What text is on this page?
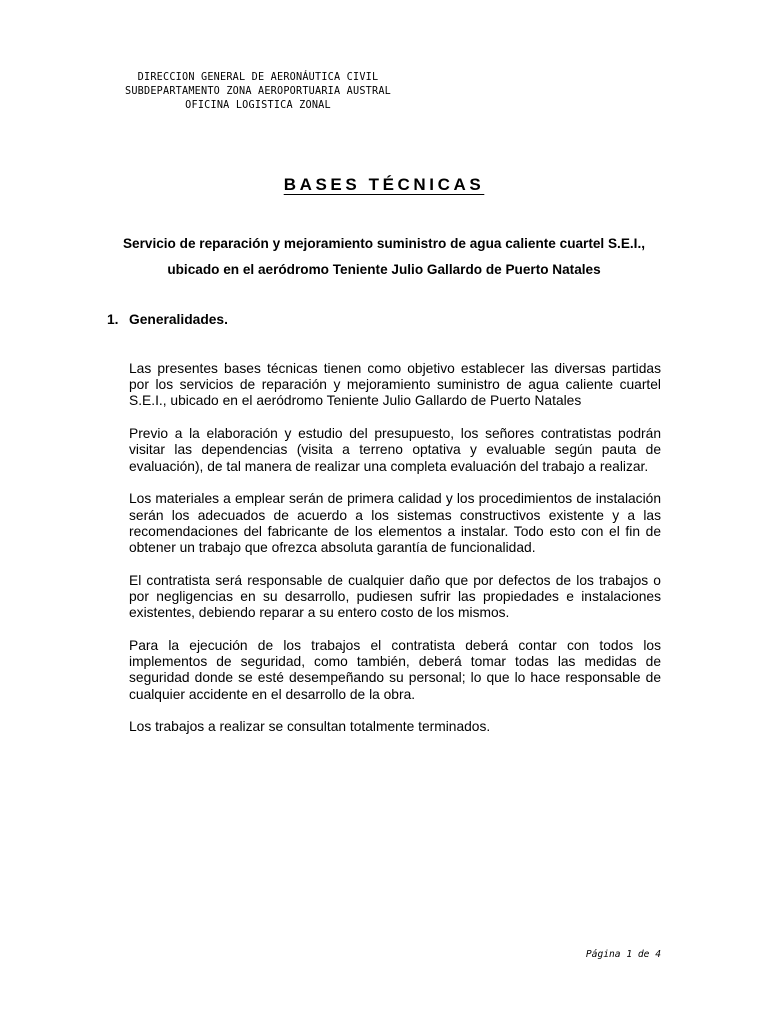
DIRECCION GENERAL DE AERONÁUTICA CIVIL
SUBDEPARTAMENTO ZONA AEROPORTUARIA AUSTRAL
OFICINA LOGISTICA ZONAL
BASES TÉCNICAS
Servicio de reparación y mejoramiento suministro de agua caliente cuartel S.E.I.,
ubicado en el aeródromo Teniente Julio Gallardo de Puerto Natales
1. Generalidades.

Las presentes bases técnicas tienen como objetivo establecer las diversas partidas por los servicios de reparación y mejoramiento suministro de agua caliente cuartel S.E.I., ubicado en el aeródromo Teniente Julio Gallardo de Puerto Natales

Previo a la elaboración y estudio del presupuesto, los señores contratistas podrán visitar las dependencias (visita a terreno optativa y evaluable según pauta de evaluación), de tal manera de realizar una completa evaluación del trabajo a realizar.

Los materiales a emplear serán de primera calidad y los procedimientos de instalación serán los adecuados de acuerdo a los sistemas constructivos existente y a las recomendaciones del fabricante de los elementos a instalar. Todo esto con el fin de obtener un trabajo que ofrezca absoluta garantía de funcionalidad.

El contratista será responsable de cualquier daño que por defectos de los trabajos o por negligencias en su desarrollo, pudiesen sufrir las propiedades e instalaciones existentes, debiendo reparar a su entero costo de los mismos.

Para la ejecución de los trabajos el contratista deberá contar con todos los implementos de seguridad, como también, deberá tomar todas las medidas de seguridad donde se esté desempeñando su personal; lo que lo hace responsable de cualquier accidente en el desarrollo de la obra.

Los trabajos a realizar se consultan totalmente terminados.

Página 1 de 4
